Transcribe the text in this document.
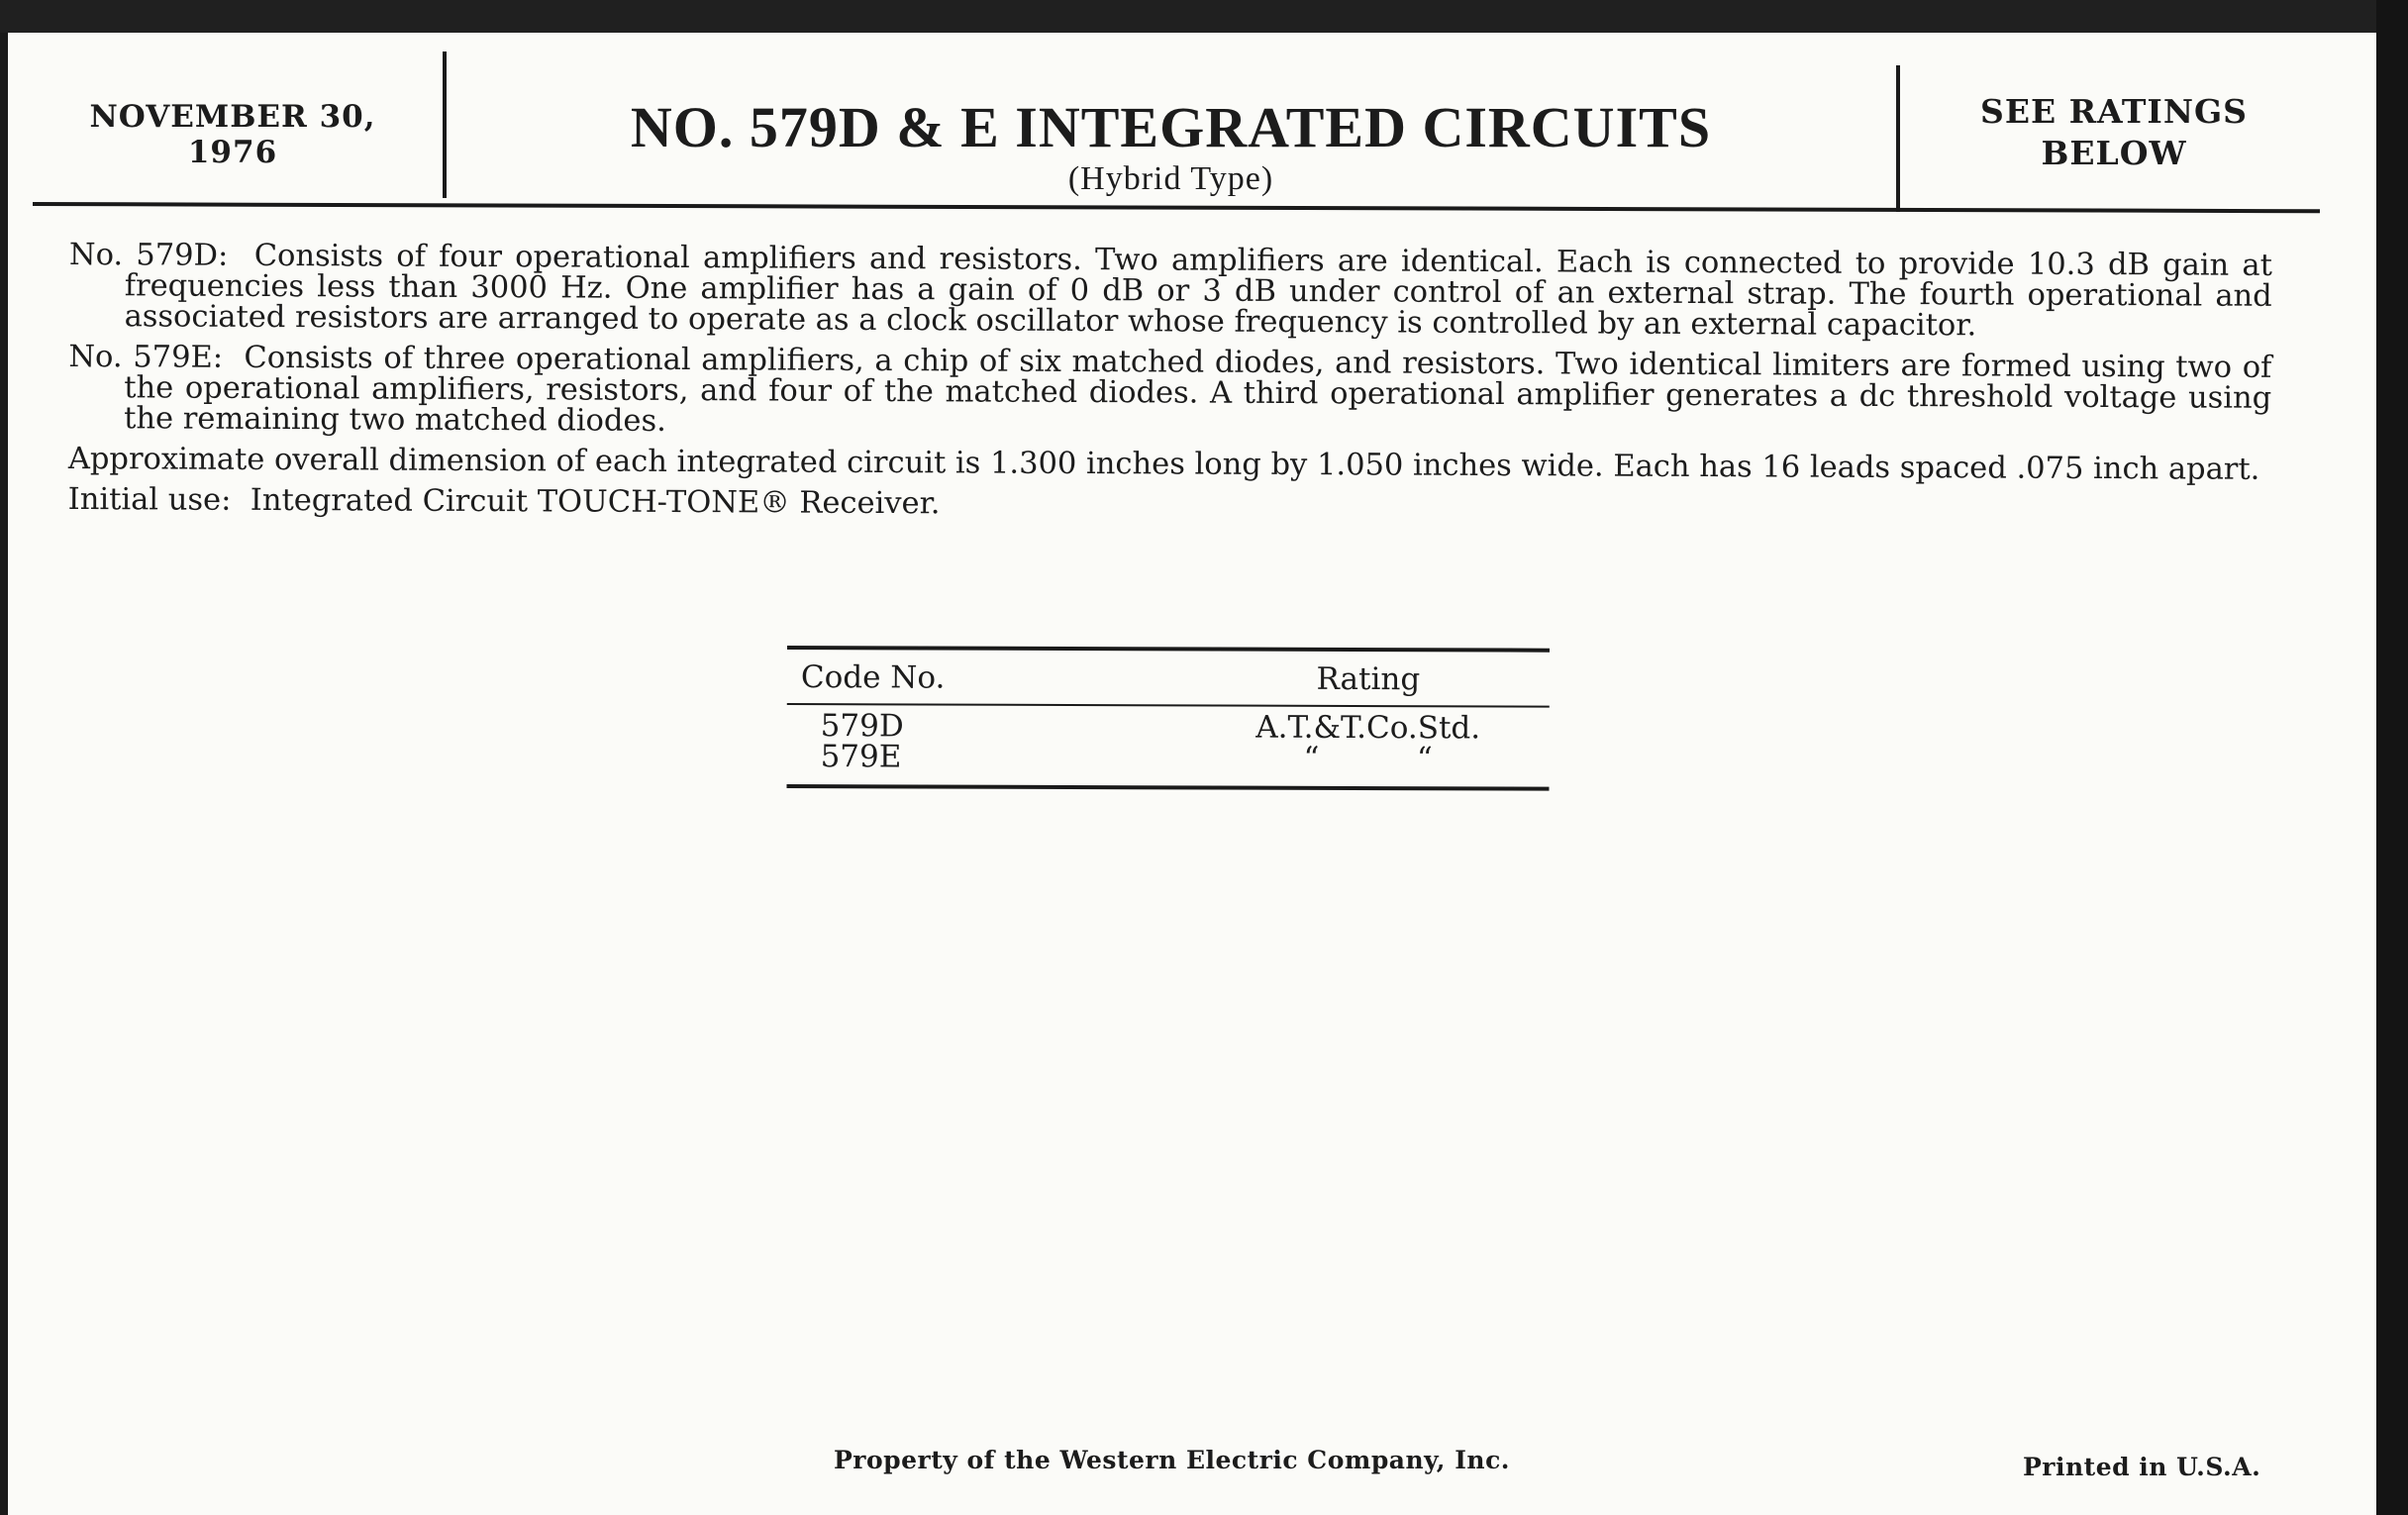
NOVEMBER 30, 1976	NO. 579D & E INTEGRATED CIRCUITS
(Hybrid Type)
SEE RATINGS
BELOW
No. 579D: Consists of four operational amplifiers and resistors. Two amplifiers are identical. Each is connected to provide 10.3 dB gain at frequencies less than 3000 Hz. One amplifier has a gain of 0 dB or 3 dB under control of an external strap. The fourth operational and associated resistors are arranged to operate as a clock oscillator whose frequency is controlled by an external capacitor.
No. 579E: Consists of three operational amplifiers, a chip of six matched diodes, and resistors. Two identical limiters are formed using two of the operational amplifiers, resistors, and four of the matched diodes. A third operational amplifier generates a dc threshold voltage using the remaining two matched diodes.
Approximate overall dimension of each integrated circuit is 1.300 inches long by 1.050 inches wide. Each has 16 leads spaced .075 inch apart.
Initial use: Integrated Circuit TOUCH-TONE® Receiver.
Code No.	Rating
579D	A.T.&T.Co.Std.
579E	“          “
Property of the Western Electric Company, Inc.	Printed in U.S.A.
